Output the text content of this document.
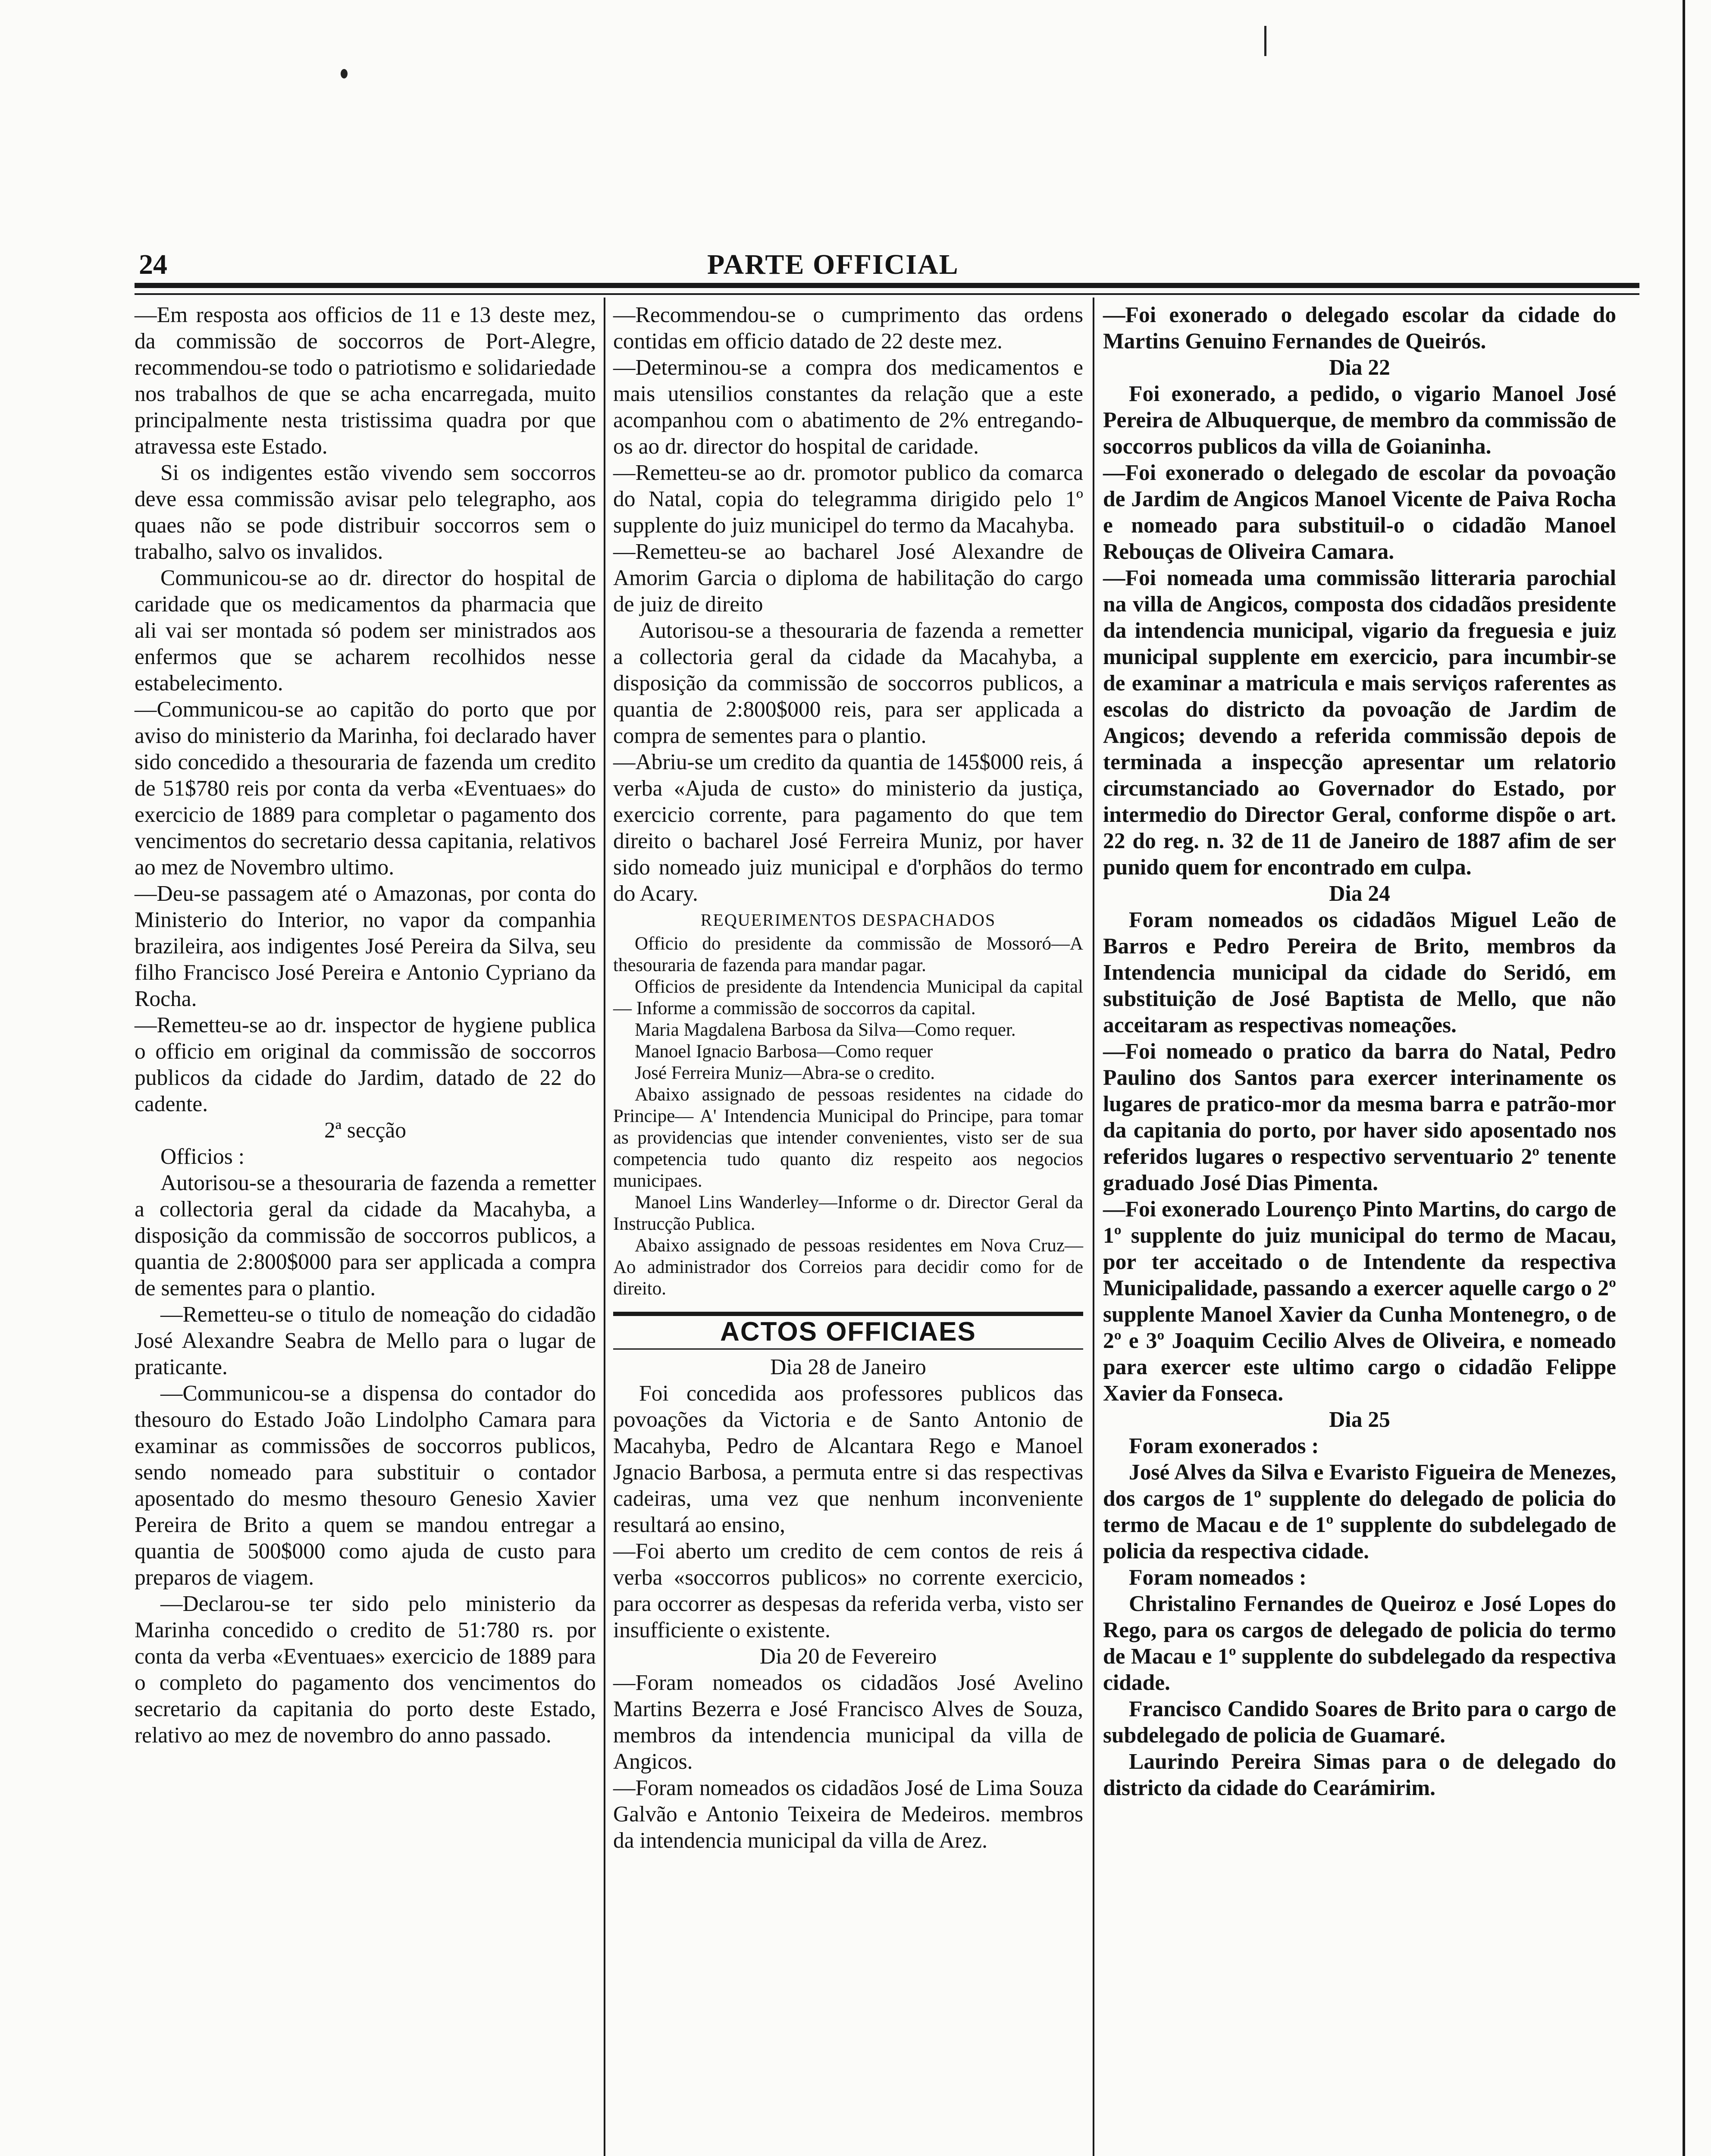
24	PARTE OFFICIAL

—Em resposta aos officios de 11 e 13 deste mez, da commissão de soccorros de Port-Alegre, recommendou-se todo o patriotismo e solidariedade nos trabalhos de que se acha encarregada, muito principalmente nesta tristissima quadra por que atravessa este Estado.

Si os indigentes estão vivendo sem soccorros deve essa commissão avisar pelo telegrapho, aos quaes não se pode distribuir soccorros sem o trabalho, salvo os invalidos.

Communicou-se ao dr. director do hospital de caridade que os medicamentos da pharmacia que ali vai ser montada só podem ser ministrados aos enfermos que se acharem recolhidos nesse estabelecimento.

—Communicou-se ao capitão do porto que por aviso do ministerio da Marinha, foi declarado haver sido concedido a thesouraria de fazenda um credito de 51$780 reis por conta da verba «Eventuaes» do exercicio de 1889 para completar o pagamento dos vencimentos do secretario dessa capitania, relativos ao mez de Novembro ultimo.

—Deu-se passagem até o Amazonas, por conta do Ministerio do Interior, no vapor da companhia brazileira, aos indigentes José Pereira da Silva, seu filho Francisco José Pereira e Antonio Cypriano da Rocha.

—Remetteu-se ao dr. inspector de hygiene publica o officio em original da commissão de soccorros publicos da cidade do Jardim, datado de 22 do cadente.

2ª secção

Officios :

Autorisou-se a thesouraria de fazenda a remetter a collectoria geral da cidade da Macahyba, a disposição da commissão de soccorros publicos, a quantia de 2:800$000 para ser applicada a compra de sementes para o plantio.

—Remetteu-se o titulo de nomeação do cidadão José Alexandre Seabra de Mello para o lugar de praticante.

—Communicou-se a dispensa do contador do thesouro do Estado João Lindolpho Camara para examinar as commissões de soccorros publicos, sendo nomeado para substituir o contador aposentado do mesmo thesouro Genesio Xavier Pereira de Brito a quem se mandou entregar a quantia de 500$000 como ajuda de custo para preparos de viagem.

—Declarou-se ter sido pelo ministerio da Marinha concedido o credito de 51:780 rs. por conta da verba «Eventuaes» exercicio de 1889 para o completo do pagamento dos vencimentos do secretario da capitania do porto deste Estado, relativo ao mez de novembro do anno passado.

—Recommendou-se o cumprimento das ordens contidas em officio datado de 22 deste mez.

—Determinou-se a compra dos medicamentos e mais utensilios constantes da relação que a este acompanhou com o abatimento de 2% entregando-os ao dr. director do hospital de caridade.

—Remetteu-se ao dr. promotor publico da comarca do Natal, copia do telegramma dirigido pelo 1º supplente do juiz municipel do termo da Macahyba.

—Remetteu-se ao bacharel José Alexandre de Amorim Garcia o diploma de habilitação do cargo de juiz de direito

Autorisou-se a thesouraria de fazenda a remetter a collectoria geral da cidade da Macahyba, a disposição da commissão de soccorros publicos, a quantia de 2:800$000 reis, para ser applicada a compra de sementes para o plantio.

—Abriu-se um credito da quantia de 145$000 reis, á verba «Ajuda de custo» do ministerio da justiça, exercicio corrente, para pagamento do que tem direito o bacharel José Ferreira Muniz, por haver sido nomeado juiz municipal e d'orphãos do termo do Acary.

REQUERIMENTOS DESPACHADOS

Officio do presidente da commissão de Mossoró—A thesouraria de fazenda para mandar pagar.

Officios de presidente da Intendencia Municipal da capital — Informe a commissão de soccorros da capital.

Maria Magdalena Barbosa da Silva—Como requer.

Manoel Ignacio Barbosa—Como requer

José Ferreira Muniz—Abra-se o credito.

Abaixo assignado de pessoas residentes na cidade do Principe— A' Intendencia Municipal do Principe, para tomar as providencias que intender convenientes, visto ser de sua competencia tudo quanto diz respeito aos negocios municipaes.

Manoel Lins Wanderley—Informe o dr. Director Geral da Instrucção Publica.

Abaixo assignado de pessoas residentes em Nova Cruz—Ao administrador dos Correios para decidir como for de direito.

ACTOS OFFICIAES

Dia 28 de Janeiro

Foi concedida aos professores publicos das povoações da Victoria e de Santo Antonio de Macahyba, Pedro de Alcantara Rego e Manoel Jgnacio Barbosa, a permuta entre si das respectivas cadeiras, uma vez que nenhum inconveniente resultará ao ensino,

—Foi aberto um credito de cem contos de reis á verba «soccorros publicos» no corrente exercicio, para occorrer as despesas da referida verba, visto ser insufficiente o existente.

Dia 20 de Fevereiro

—Foram nomeados os cidadãos José Avelino Martins Bezerra e José Francisco Alves de Souza, membros da intendencia municipal da villa de Angicos.

—Foram nomeados os cidadãos José de Lima Souza Galvão e Antonio Teixeira de Medeiros. membros da intendencia municipal da villa de Arez.

—Foi exonerado o delegado escolar da cidade do Martins Genuino Fernandes de Queirós.

Dia 22

Foi exonerado, a pedido, o vigario Manoel José Pereira de Albuquerque, de membro da commissão de soccorros publicos da villa de Goianinha.

—Foi exonerado o delegado de escolar da povoação de Jardim de Angicos Manoel Vicente de Paiva Rocha e nomeado para substituil-o o cidadão Manoel Rebouças de Oliveira Camara.

—Foi nomeada uma commissão litteraria parochial na villa de Angicos, composta dos cidadãos presidente da intendencia municipal, vigario da freguesia e juiz municipal supplente em exercicio, para incumbir-se de examinar a matricula e mais serviços raferentes as escolas do districto da povoação de Jardim de Angicos; devendo a referida commissão depois de terminada a inspecção apresentar um relatorio circumstanciado ao Governador do Estado, por intermedio do Director Geral, conforme dispõe o art. 22 do reg. n. 32 de 11 de Janeiro de 1887 afim de ser punido quem for encontrado em culpa.

Dia 24

Foram nomeados os cidadãos Miguel Leão de Barros e Pedro Pereira de Brito, membros da Intendencia municipal da cidade do Seridó, em substituição de José Baptista de Mello, que não acceitaram as respectivas nomeações.

—Foi nomeado o pratico da barra do Natal, Pedro Paulino dos Santos para exercer interinamente os lugares de pratico-mor da mesma barra e patrão-mor da capitania do porto, por haver sido aposentado nos referidos lugares o respectivo serventuario 2º tenente graduado José Dias Pimenta.

—Foi exonerado Lourenço Pinto Martins, do cargo de 1º supplente do juiz municipal do termo de Macau, por ter acceitado o de Intendente da respectiva Municipalidade, passando a exercer aquelle cargo o 2º supplente Manoel Xavier da Cunha Montenegro, o de 2º e 3º Joaquim Cecilio Alves de Oliveira, e nomeado para exercer este ultimo cargo o cidadão Felippe Xavier da Fonseca.

Dia 25

Foram exonerados :

José Alves da Silva e Evaristo Figueira de Menezes, dos cargos de 1º supplente do delegado de policia do termo de Macau e de 1º supplente do subdelegado de policia da respectiva cidade.

Foram nomeados :

Christalino Fernandes de Queiroz e José Lopes do Rego, para os cargos de delegado de policia do termo de Macau e 1º supplente do subdelegado da respectiva cidade.

Francisco Candido Soares de Brito para o cargo de subdelegado de policia de Guamaré.

Laurindo Pereira Simas para o de delegado do districto da cidade do Cearámirim.
